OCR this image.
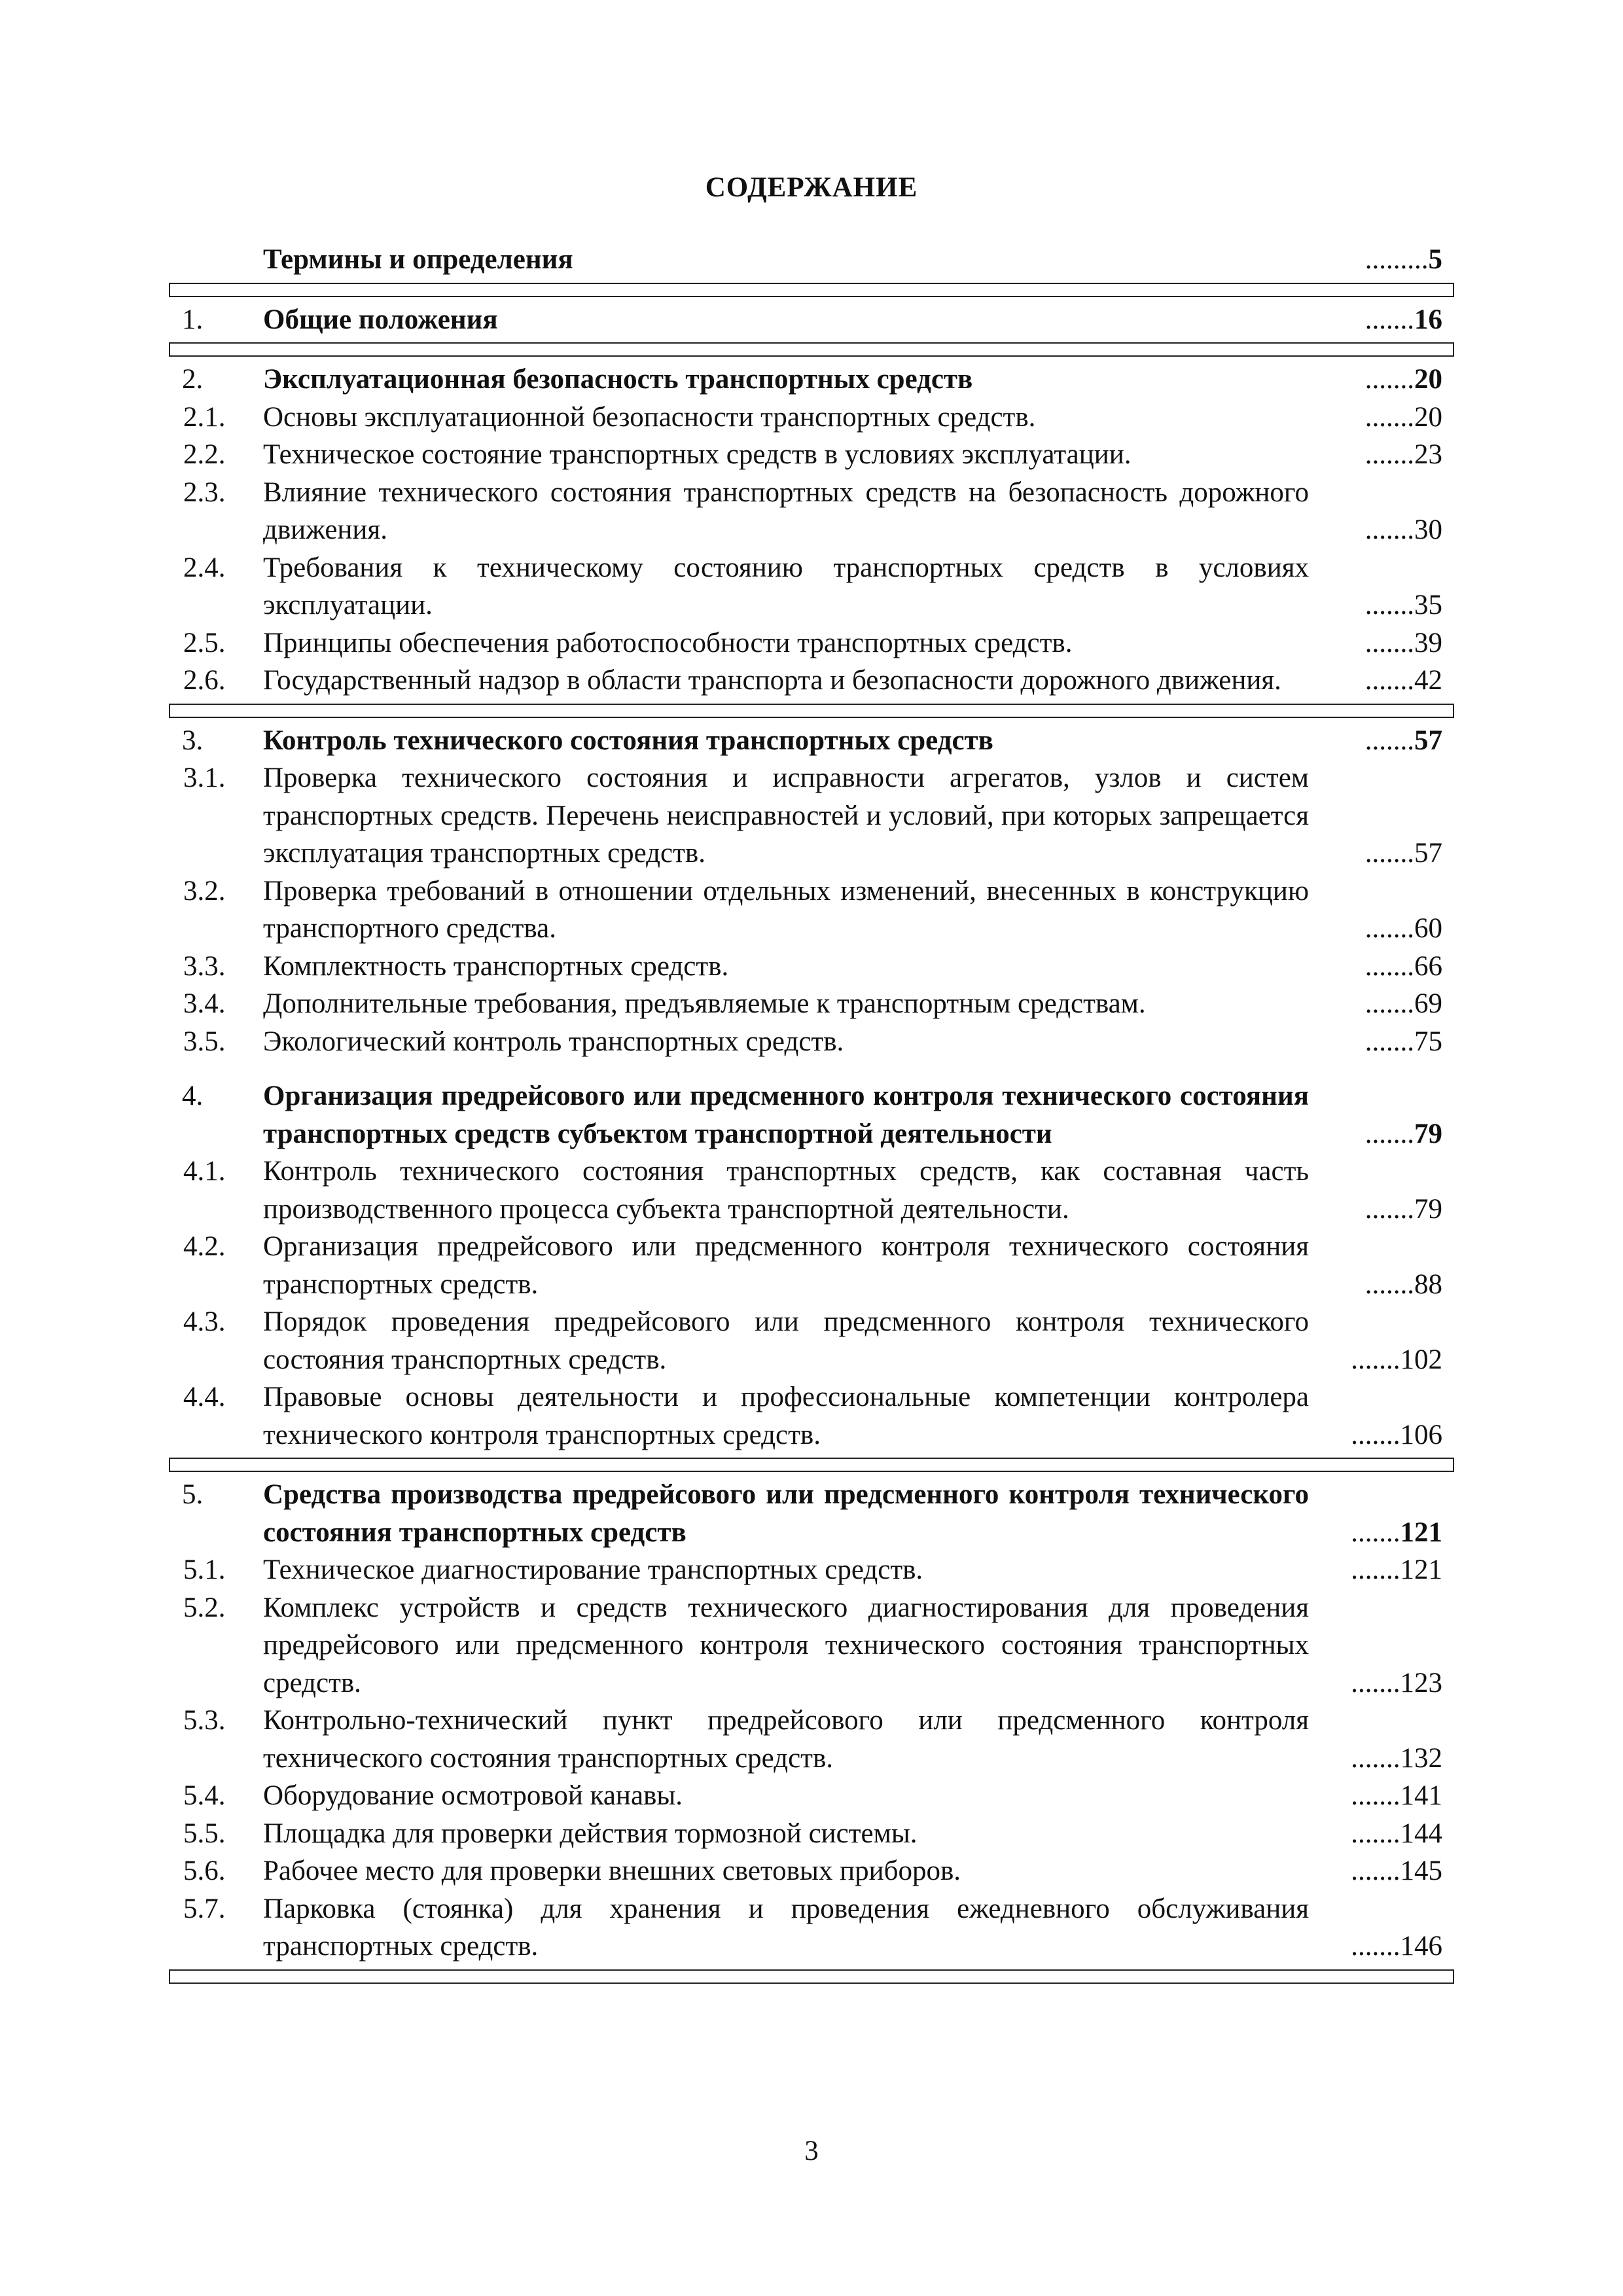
СОДЕРЖАНИЕ
Термины и определения	.........5
1. Общие положения	.......16
2. Эксплуатационная безопасность транспортных средств	.......20
2.1. Основы эксплуатационной безопасности транспортных средств.	.......20
2.2. Техническое состояние транспортных средств в условиях эксплуатации.	.......23
2.3. Влияние технического состояния транспортных средств на безопасность дорожного движения.	.......30
2.4. Требования к техническому состоянию транспортных средств в условиях эксплуатации.	.......35
2.5. Принципы обеспечения работоспособности транспортных средств.	.......39
2.6. Государственный надзор в области транспорта и безопасности дорожного движения.	.......42
3. Контроль технического состояния транспортных средств	.......57
3.1. Проверка технического состояния и исправности агрегатов, узлов и систем транспортных средств. Перечень неисправностей и условий, при которых запрещается эксплуатация транспортных средств.	.......57
3.2. Проверка требований в отношении отдельных изменений, внесенных в конструкцию транспортного средства.	.......60
3.3. Комплектность транспортных средств.	.......66
3.4. Дополнительные требования, предъявляемые к транспортным средствам.	.......69
3.5. Экологический контроль транспортных средств.	.......75
4. Организация предрейсового или предсменного контроля технического состояния транспортных средств субъектом транспортной деятельности	.......79
4.1. Контроль технического состояния транспортных средств, как составная часть производственного процесса субъекта транспортной деятельности.	.......79
4.2. Организация предрейсового или предсменного контроля технического состояния транспортных средств.	.......88
4.3. Порядок проведения предрейсового или предсменного контроля технического состояния транспортных средств.	.......102
4.4. Правовые основы деятельности и профессиональные компетенции контролера технического контроля транспортных средств.	.......106
5. Средства производства предрейсового или предсменного контроля технического состояния транспортных средств	.......121
5.1. Техническое диагностирование транспортных средств.	.......121
5.2. Комплекс устройств и средств технического диагностирования для проведения предрейсового или предсменного контроля технического состояния транспортных средств.	.......123
5.3. Контрольно-технический пункт предрейсового или предсменного контроля технического состояния транспортных средств.	.......132
5.4. Оборудование осмотровой канавы.	.......141
5.5. Площадка для проверки действия тормозной системы.	.......144
5.6. Рабочее место для проверки внешних световых приборов.	.......145
5.7. Парковка (стоянка) для хранения и проведения ежедневного обслуживания транспортных средств.	.......146
3
